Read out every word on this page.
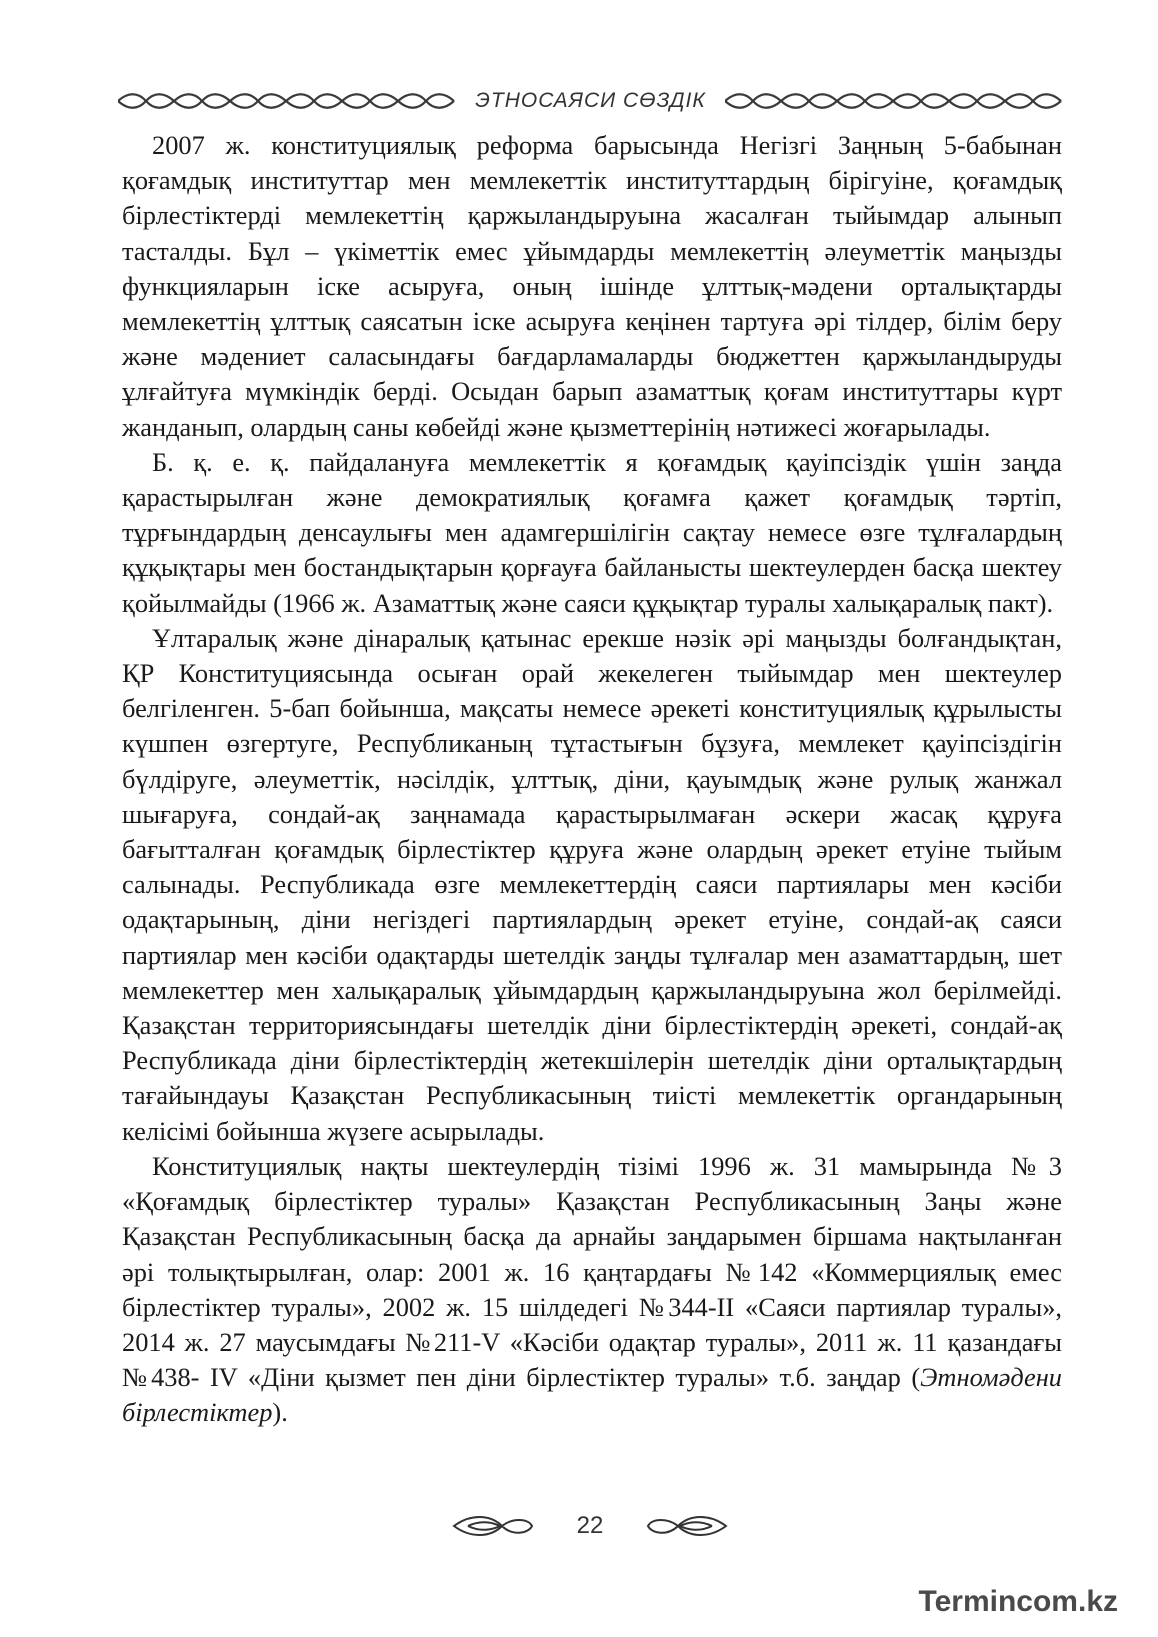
ЭТНОСАЯСИ СӨЗДІК

2007 ж. конституциялық реформа барысында Негізгі Заңның 5-бабынан қоғамдық институттар мен мемлекеттік институттардың бірігуіне, қоғамдық бірлестіктерді мемлекеттің қаржыландыруына жасалған тыйымдар алынып тасталды. Бұл – үкіметтік емес ұйымдарды мемлекеттің әлеуметтік маңызды функцияларын іске асыруға, оның ішінде ұлттық-мәдени орталықтарды мемлекеттің ұлттық саясатын іске асыруға кеңінен тартуға әрі тілдер, білім беру және мәдениет саласындағы бағдарламаларды бюджеттен қаржыландыруды ұлғайтуға мүмкіндік берді. Осыдан барып азаматтық қоғам институттары күрт жанданып, олардың саны көбейді және қызметтерінің нәтижесі жоғарылады.

Б. қ. е. қ. пайдалануға мемлекеттік я қоғамдық қауіпсіздік үшін заңда қарастырылған және демократиялық қоғамға қажет қоғамдық тәртіп, тұрғындардың денсаулығы мен адамгершілігін сақтау немесе өзге тұлғалардың құқықтары мен бостандықтарын қорғауға байланысты шектеулерден басқа шектеу қойылмайды (1966 ж. Азаматтық және саяси құқықтар туралы халықаралық пакт).

Ұлтаралық және дінаралық қатынас ерекше нәзік әрі маңызды болғандықтан, ҚР Конституциясында осыған орай жекелеген тыйымдар мен шектеулер белгіленген. 5-бап бойынша, мақсаты немесе әрекеті конституциялық құрылысты күшпен өзгертуге, Республиканың тұтастығын бұзуға, мемлекет қауіпсіздігін бүлдіруге, әлеуметтік, нәсілдік, ұлттық, діни, қауымдық және рулық жанжал шығаруға, сондай-ақ заңнамада қарастырылмаған әскери жасақ құруға бағытталған қоғамдық бірлестіктер құруға және олардың әрекет етуіне тыйым салынады. Республикада өзге мемлекеттердің саяси партиялары мен кәсіби одақтарының, діни негіздегі партиялардың әрекет етуіне, сондай-ақ саяси партиялар мен кәсіби одақтарды шетелдік заңды тұлғалар мен азаматтардың, шет мемлекеттер мен халықаралық ұйымдардың қаржыландыруына жол берілмейді. Қазақстан территориясындағы шетелдік діни бірлестіктердің әрекеті, сондай-ақ Республикада діни бірлестіктердің жетекшілерін шетелдік діни орталықтардың тағайындауы Қазақстан Республикасының тиісті мемлекеттік органдарының келісімі бойынша жүзеге асырылады.

Конституциялық нақты шектеулердің тізімі 1996 ж. 31 мамырында №3 «Қоғамдық бірлестіктер туралы» Қазақстан Республикасының Заңы және Қазақстан Республикасының басқа да арнайы заңдарымен біршама нақтыланған әрі толықтырылған, олар: 2001 ж. 16 қаңтардағы №142 «Коммерциялық емес бірлестіктер туралы», 2002 ж. 15 шілдедегі №344-ІІ «Саяси партиялар туралы», 2014 ж. 27 маусымдағы №211-V «Кәсіби одақтар туралы», 2011 ж. 11 қазандағы №438- IV «Діни қызмет пен діни бірлестіктер туралы» т.б. заңдар (Этномәдени бірлестіктер).

22
Termincom.kz
